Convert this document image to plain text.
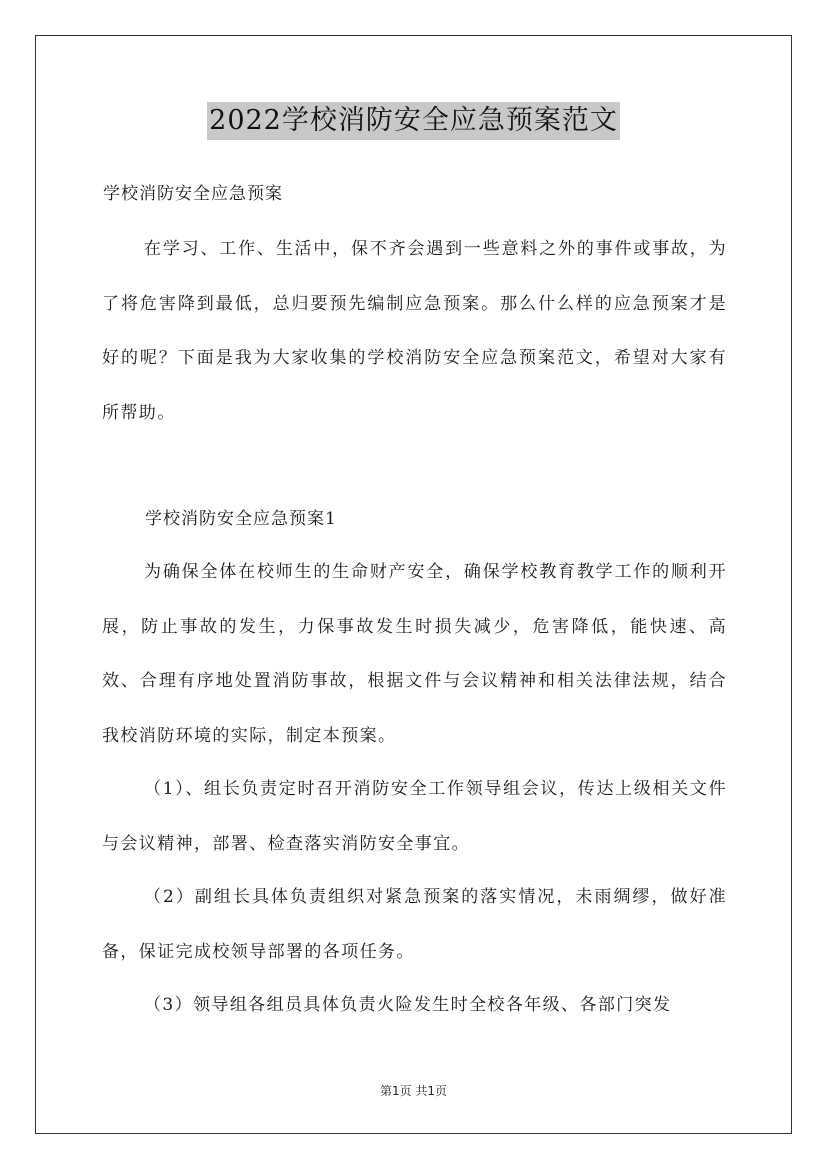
2022学校消防安全应急预案范文
学校消防安全应急预案

在学习、工作、生活中，保不齐会遇到一些意料之外的事件或事故，为了将危害降到最低，总归要预先编制应急预案。那么什么样的应急预案才是好的呢？下面是我为大家收集的学校消防安全应急预案范文，希望对大家有所帮助。

学校消防安全应急预案1

为确保全体在校师生的生命财产安全，确保学校教育教学工作的顺利开展，防止事故的发生，力保事故发生时损失减少，危害降低，能快速、高效、合理有序地处置消防事故，根据文件与会议精神和相关法律法规，结合我校消防环境的实际，制定本预案。

（1）、组长负责定时召开消防安全工作领导组会议，传达上级相关文件与会议精神，部署、检查落实消防安全事宜。

（2）副组长具体负责组织对紧急预案的落实情况，未雨绸缪，做好准备，保证完成校领导部署的各项任务。

（3）领导组各组员具体负责火险发生时全校各年级、各部门突发

第1页 共1页
